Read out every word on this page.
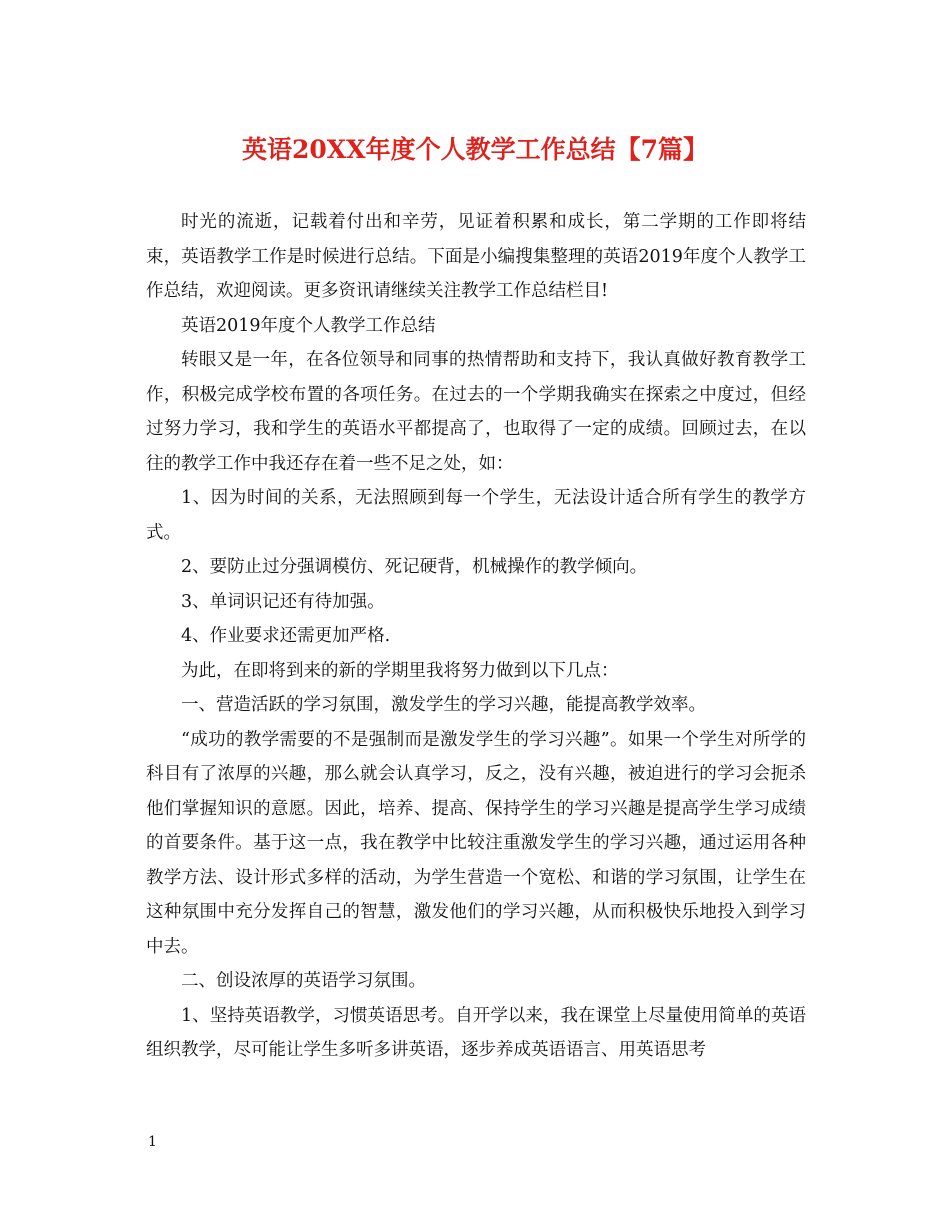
英语20XX年度个人教学工作总结【7篇】

时光的流逝，记载着付出和辛劳，见证着积累和成长，第二学期的工作即将结束，英语教学工作是时候进行总结。下面是小编搜集整理的英语2019年度个人教学工作总结，欢迎阅读。更多资讯请继续关注教学工作总结栏目!

英语2019年度个人教学工作总结

转眼又是一年，在各位领导和同事的热情帮助和支持下，我认真做好教育教学工作，积极完成学校布置的各项任务。在过去的一个学期我确实在探索之中度过，但经过努力学习，我和学生的英语水平都提高了，也取得了一定的成绩。回顾过去，在以往的教学工作中我还存在着一些不足之处，如：

1、因为时间的关系，无法照顾到每一个学生，无法设计适合所有学生的教学方式。

2、要防止过分强调模仿、死记硬背，机械操作的教学倾向。

3、单词识记还有待加强。

4、作业要求还需更加严格.

为此，在即将到来的新的学期里我将努力做到以下几点：

一、营造活跃的学习氛围，激发学生的学习兴趣，能提高教学效率。

“成功的教学需要的不是强制而是激发学生的学习兴趣”。如果一个学生对所学的科目有了浓厚的兴趣，那么就会认真学习，反之，没有兴趣，被迫进行的学习会扼杀他们掌握知识的意愿。因此，培养、提高、保持学生的学习兴趣是提高学生学习成绩的首要条件。基于这一点，我在教学中比较注重激发学生的学习兴趣，通过运用各种教学方法、设计形式多样的活动，为学生营造一个宽松、和谐的学习氛围，让学生在这种氛围中充分发挥自己的智慧，激发他们的学习兴趣，从而积极快乐地投入到学习中去。

二、创设浓厚的英语学习氛围。

1、坚持英语教学，习惯英语思考。自开学以来，我在课堂上尽量使用简单的英语组织教学，尽可能让学生多听多讲英语，逐步养成英语语言、用英语思考

1
